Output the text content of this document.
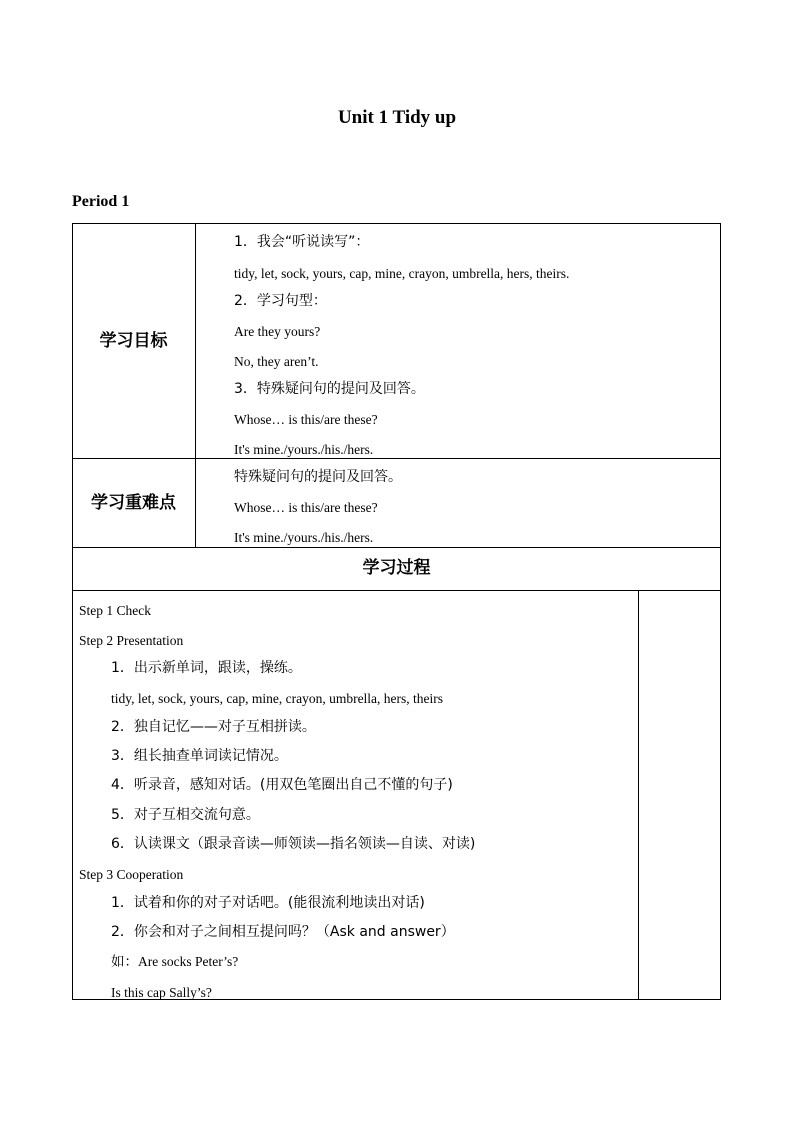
Unit 1 Tidy up
Period 1
学习目标
1．我会“听说读写”：
tidy, let, sock, yours, cap, mine, crayon, umbrella, hers, theirs.
2．学习句型：
Are they yours?
No, they aren’t.
3．特殊疑问句的提问及回答。
Whose… is this/are these?
It's mine./yours./his./hers.
学习重难点
特殊疑问句的提问及回答。
Whose… is this/are these?
It's mine./yours./his./hers.
学习过程
Step 1 Check
Step 2 Presentation
1．出示新单词，跟读，操练。
tidy, let, sock, yours, cap, mine, crayon, umbrella, hers, theirs
2．独自记忆——对子互相拼读。
3．组长抽查单词读记情况。
4．听录音，感知对话。(用双色笔圈出自己不懂的句子)
5．对子互相交流句意。
6．认读课文（跟录音读—师领读—指名领读—自读、对读)
Step 3 Cooperation
1．试着和你的对子对话吧。(能很流利地读出对话)
2．你会和对子之间相互提问吗？（Ask and answer）
如：Are socks Peter’s?
Is this cap Sally’s?
